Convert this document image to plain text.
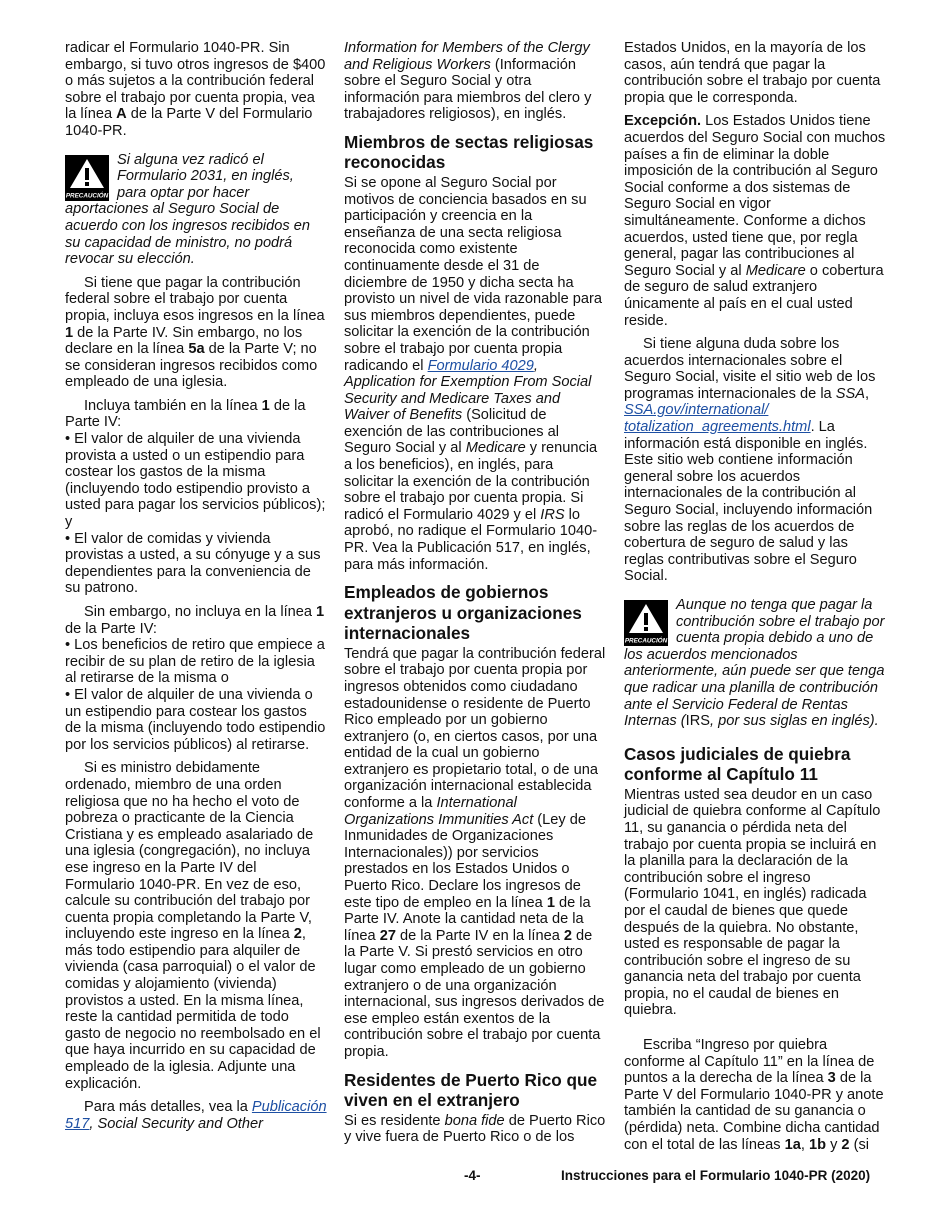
radicar el Formulario 1040-PR. Sin embargo, si tuvo otros ingresos de $400 o más sujetos a la contribución federal sobre el trabajo por cuenta propia, vea la línea A de la Parte V del Formulario 1040-PR.

PRECAUCIÓN
Si alguna vez radicó el Formulario 2031, en inglés, para optar por hacer aportaciones al Seguro Social de acuerdo con los ingresos recibidos en su capacidad de ministro, no podrá revocar su elección.

Si tiene que pagar la contribución federal sobre el trabajo por cuenta propia, incluya esos ingresos en la línea 1 de la Parte IV. Sin embargo, no los declare en la línea 5a de la Parte V; no se consideran ingresos recibidos como empleado de una iglesia.

Incluya también en la línea 1 de la Parte IV:

• El valor de alquiler de una vivienda provista a usted o un estipendio para costear los gastos de la misma (incluyendo todo estipendio provisto a usted para pagar los servicios públicos); y

• El valor de comidas y vivienda provistas a usted, a su cónyuge y a sus dependientes para la conveniencia de su patrono.

Sin embargo, no incluya en la línea 1 de la Parte IV:

• Los beneficios de retiro que empiece a recibir de su plan de retiro de la iglesia al retirarse de la misma o

• El valor de alquiler de una vivienda o un estipendio para costear los gastos de la misma (incluyendo todo estipendio por los servicios públicos) al retirarse.

Si es ministro debidamente ordenado, miembro de una orden religiosa que no ha hecho el voto de pobreza o practicante de la Ciencia Cristiana y es empleado asalariado de una iglesia (congregación), no incluya ese ingreso en la Parte IV del Formulario 1040-PR. En vez de eso, calcule su contribución del trabajo por cuenta propia completando la Parte V, incluyendo este ingreso en la línea 2, más todo estipendio para alquiler de vivienda (casa parroquial) o el valor de comidas y alojamiento (vivienda) provistos a usted. En la misma línea, reste la cantidad permitida de todo gasto de negocio no reembolsado en el que haya incurrido en su capacidad de empleado de la iglesia. Adjunte una explicación.

Para más detalles, vea la Publicación 517, Social Security and Other

Information for Members of the Clergy and Religious Workers (Información sobre el Seguro Social y otra información para miembros del clero y trabajadores religiosos), en inglés.

Miembros de sectas religiosas reconocidas

Si se opone al Seguro Social por motivos de conciencia basados en su participación y creencia en la enseñanza de una secta religiosa reconocida como existente continuamente desde el 31 de diciembre de 1950 y dicha secta ha provisto un nivel de vida razonable para sus miembros dependientes, puede solicitar la exención de la contribución sobre el trabajo por cuenta propia radicando el Formulario 4029, Application for Exemption From Social Security and Medicare Taxes and Waiver of Benefits (Solicitud de exención de las contribuciones al Seguro Social y al Medicare y renuncia a los beneficios), en inglés, para solicitar la exención de la contribución sobre el trabajo por cuenta propia. Si radicó el Formulario 4029 y el IRS lo aprobó, no radique el Formulario 1040-PR. Vea la Publicación 517, en inglés, para más información.

Empleados de gobiernos extranjeros u organizaciones internacionales

Tendrá que pagar la contribución federal sobre el trabajo por cuenta propia por ingresos obtenidos como ciudadano estadounidense o residente de Puerto Rico empleado por un gobierno extranjero (o, en ciertos casos, por una entidad de la cual un gobierno extranjero es propietario total, o de una organización internacional establecida conforme a la International Organizations Immunities Act (Ley de Inmunidades de Organizaciones Internacionales)) por servicios prestados en los Estados Unidos o Puerto Rico. Declare los ingresos de este tipo de empleo en la línea 1 de la Parte IV. Anote la cantidad neta de la línea 27 de la Parte IV en la línea 2 de la Parte V. Si prestó servicios en otro lugar como empleado de un gobierno extranjero o de una organización internacional, sus ingresos derivados de ese empleo están exentos de la contribución sobre el trabajo por cuenta propia.

Residentes de Puerto Rico que viven en el extranjero

Si es residente bona fide de Puerto Rico y vive fuera de Puerto Rico o de los

Estados Unidos, en la mayoría de los casos, aún tendrá que pagar la contribución sobre el trabajo por cuenta propia que le corresponda.

Excepción. Los Estados Unidos tiene acuerdos del Seguro Social con muchos países a fin de eliminar la doble imposición de la contribución al Seguro Social conforme a dos sistemas de Seguro Social en vigor simultáneamente. Conforme a dichos acuerdos, usted tiene que, por regla general, pagar las contribuciones al Seguro Social y al Medicare o cobertura de seguro de salud extranjero únicamente al país en el cual usted reside.

Si tiene alguna duda sobre los acuerdos internacionales sobre el Seguro Social, visite el sitio web de los programas internacionales de la SSA, SSA.gov/international/ totalization_agreements.html. La información está disponible en inglés. Este sitio web contiene información general sobre los acuerdos internacionales de la contribución al Seguro Social, incluyendo información sobre las reglas de los acuerdos de cobertura de seguro de salud y las reglas contributivas sobre el Seguro Social.

PRECAUCIÓN
Aunque no tenga que pagar la contribución sobre el trabajo por cuenta propia debido a uno de los acuerdos mencionados anteriormente, aún puede ser que tenga que radicar una planilla de contribución ante el Servicio Federal de Rentas Internas (IRS, por sus siglas en inglés).
Casos judiciales de quiebra conforme al Capítulo 11

Mientras usted sea deudor en un caso judicial de quiebra conforme al Capítulo 11, su ganancia o pérdida neta del trabajo por cuenta propia se incluirá en la planilla para la declaración de la contribución sobre el ingreso (Formulario 1041, en inglés) radicada por el caudal de bienes que quede después de la quiebra. No obstante, usted es responsable de pagar la contribución sobre el ingreso de su ganancia neta del trabajo por cuenta propia, no el caudal de bienes en quiebra.

Escriba “Ingreso por quiebra conforme al Capítulo 11” en la línea de puntos a la derecha de la línea 3 de la Parte V del Formulario 1040-PR y anote también la cantidad de su ganancia o (pérdida) neta. Combine dicha cantidad con el total de las líneas 1a, 1b y 2 (si

-4-	Instrucciones para el Formulario 1040-PR (2020)
